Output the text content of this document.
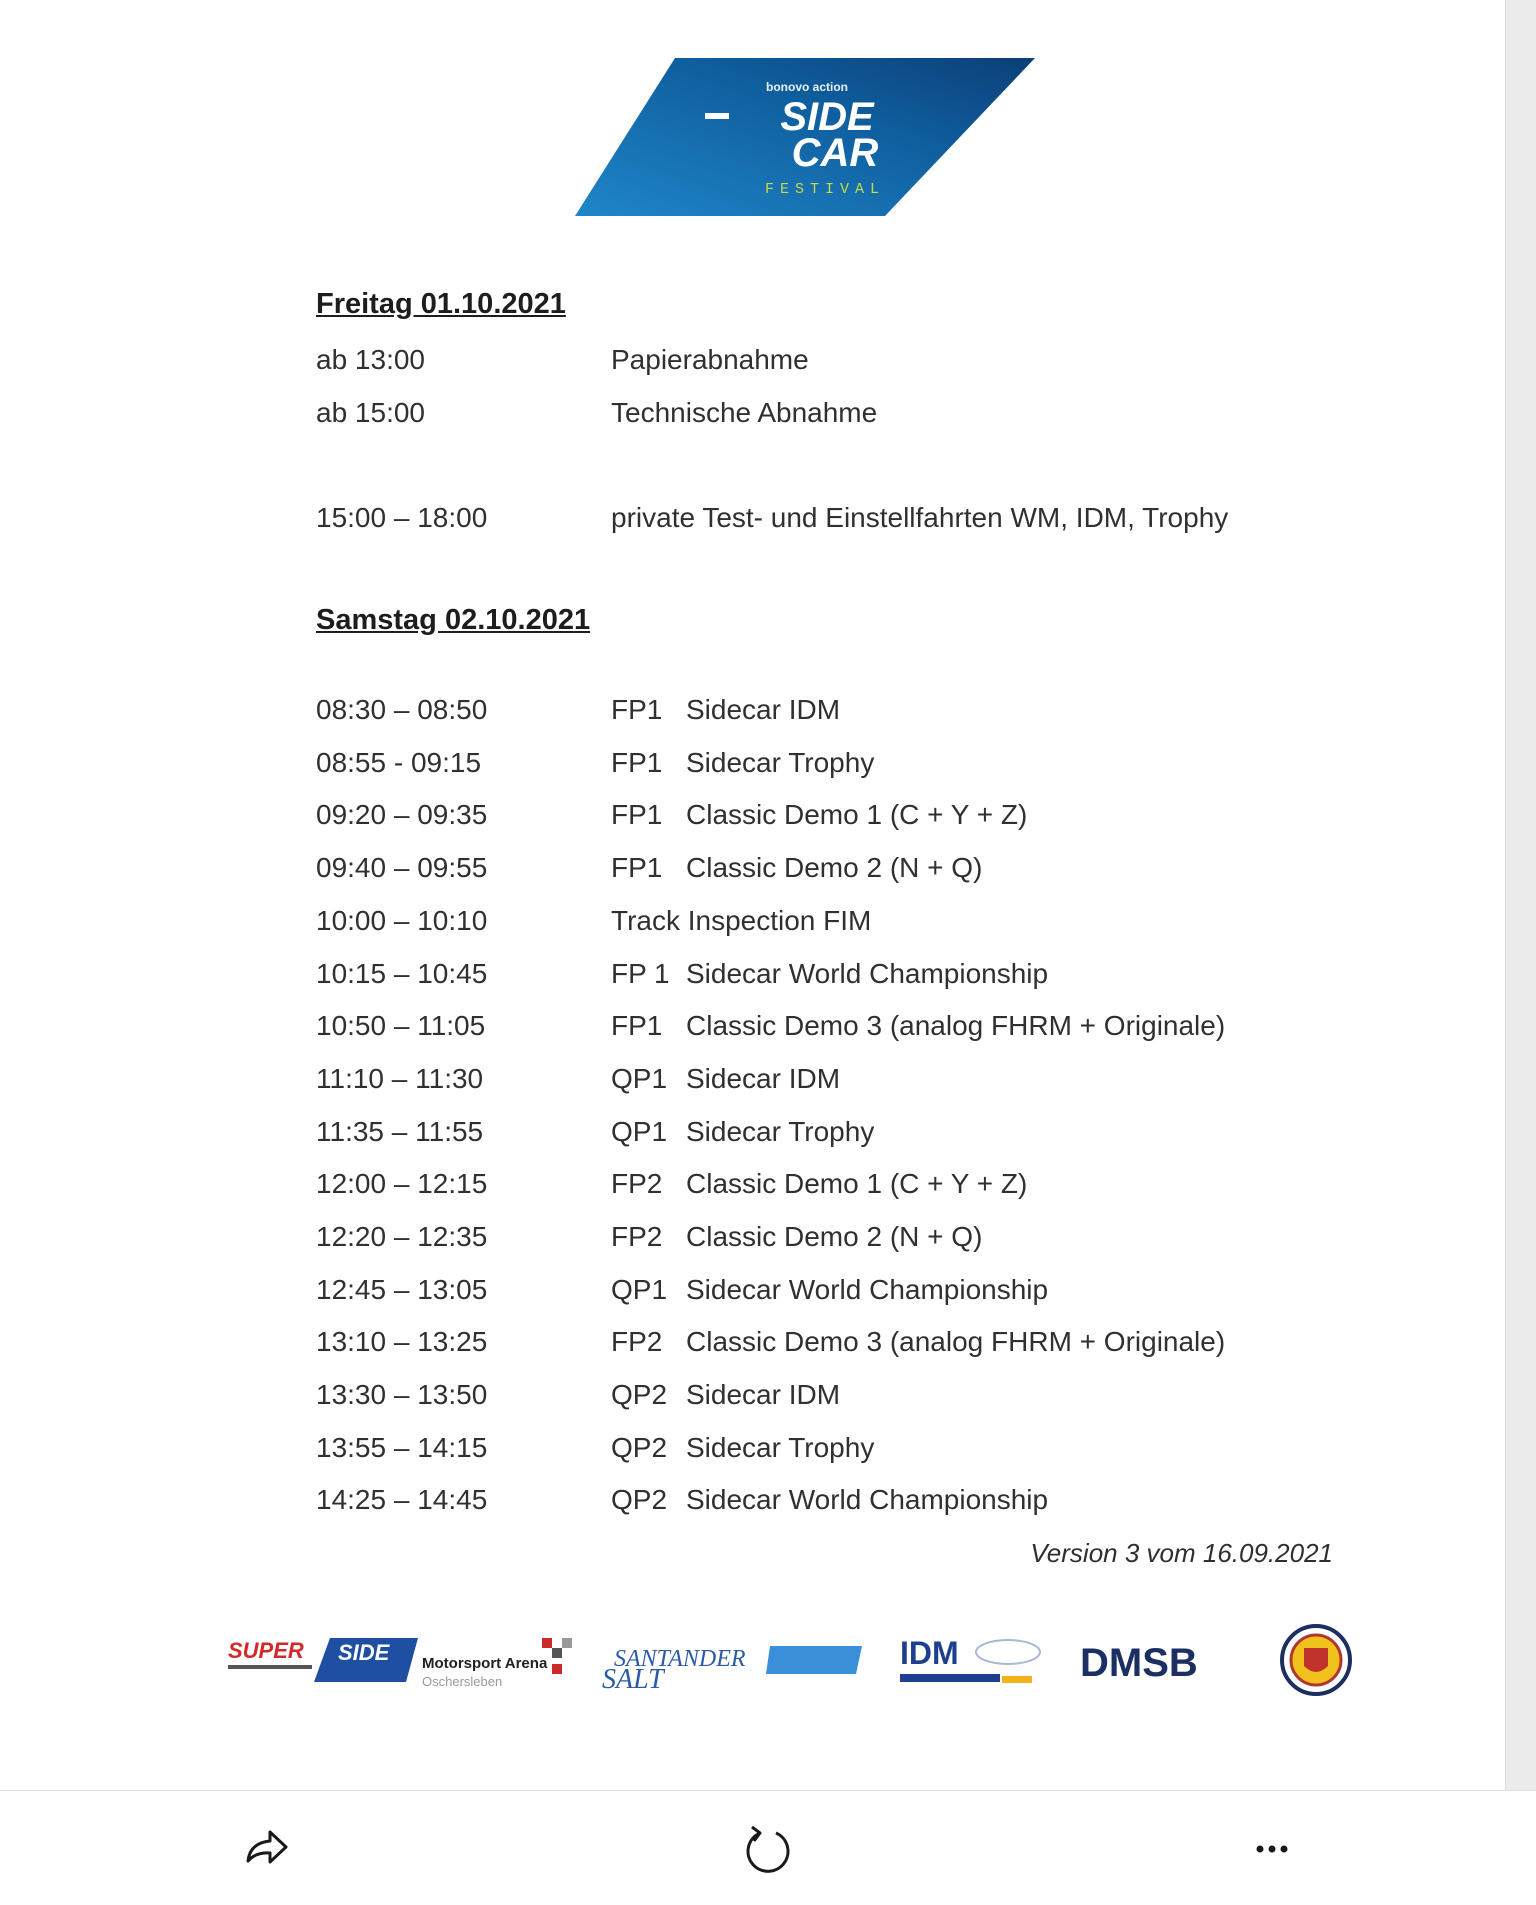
bonovo action
SIDE
CAR
FESTIVAL
Freitag 01.10.2021
ab 13:00	Papierabnahme
ab 15:00	Technische Abnahme
15:00 – 18:00	private Test- und Einstellfahrten WM, IDM, Trophy
Samstag 02.10.2021
08:30 – 08:50	FP1 Sidecar IDM
08:55 - 09:15	FP1 Sidecar Trophy
09:20 – 09:35	FP1 Classic Demo 1 (C + Y + Z)
09:40 – 09:55	FP1 Classic Demo 2 (N + Q)
10:00 – 10:10	Track Inspection FIM
10:15 – 10:45	FP 1 Sidecar World Championship
10:50 – 11:05	FP1 Classic Demo 3 (analog FHRM + Originale)
11:10 – 11:30	QP1 Sidecar IDM
11:35 – 11:55	QP1 Sidecar Trophy
12:00 – 12:15	FP2 Classic Demo 1 (C + Y + Z)
12:20 – 12:35	FP2 Classic Demo 2 (N + Q)
12:45 – 13:05	QP1 Sidecar World Championship
13:10 – 13:25	FP2 Classic Demo 3 (analog FHRM + Originale)
13:30 – 13:50	QP2 Sidecar IDM
13:55 – 14:15	QP2 Sidecar Trophy
14:25 – 14:45	QP2 Sidecar World Championship
Version 3 vom 16.09.2021
SUPER SIDE Motorsport Arena
Oschersleben
SANTANDER
SALT
IDM	DMSB
